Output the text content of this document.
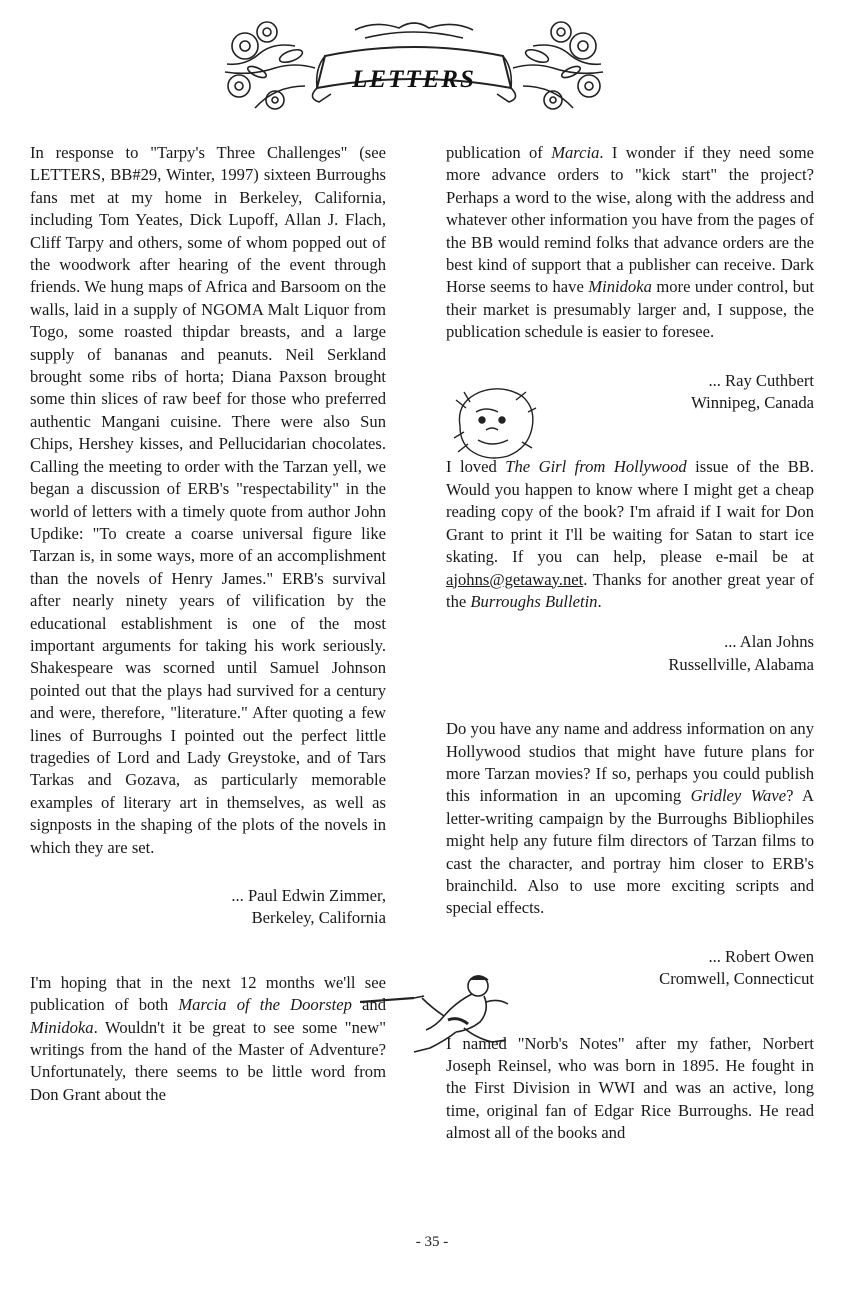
LETTERS

In response to "Tarpy's Three Challenges" (see LETTERS, BB#29, Winter, 1997) sixteen Burroughs fans met at my home in Berkeley, California, including Tom Yeates, Dick Lupoff, Allan J. Flach, Cliff Tarpy and others, some of whom popped out of the woodwork after hearing of the event through friends. We hung maps of Africa and Barsoom on the walls, laid in a supply of NGOMA Malt Liquor from Togo, some roasted thipdar breasts, and a large supply of bananas and peanuts. Neil Serkland brought some ribs of horta; Diana Paxson brought some thin slices of raw beef for those who preferred authentic Mangani cuisine. There were also Sun Chips, Hershey kisses, and Pellucidarian chocolates. Calling the meeting to order with the Tarzan yell, we began a discussion of ERB's "respectability" in the world of letters with a timely quote from author John Updike: "To create a coarse universal figure like Tarzan is, in some ways, more of an accomplishment than the novels of Henry James." ERB's survival after nearly ninety years of vilification by the educational establishment is one of the most important arguments for taking his work seriously. Shakespeare was scorned until Samuel Johnson pointed out that the plays had survived for a century and were, therefore, "literature." After quoting a few lines of Burroughs I pointed out the perfect little tragedies of Lord and Lady Greystoke, and of Tars Tarkas and Gozava, as particularly memorable examples of literary art in themselves, as well as signposts in the shaping of the plots of the novels in which they are set.

... Paul Edwin Zimmer,

Berkeley, California

I'm hoping that in the next 12 months we'll see publication of both Marcia of the Doorstep and Minidoka. Wouldn't it be great to see some "new" writings from the hand of the Master of Adventure? Unfortunately, there seems to be little word from Don Grant about the

publication of Marcia. I wonder if they need some more advance orders to "kick start" the project? Perhaps a word to the wise, along with the address and whatever other information you have from the pages of the BB would remind folks that advance orders are the best kind of support that a publisher can receive. Dark Horse seems to have Minidoka more under control, but their market is presumably larger and, I suppose, the publication schedule is easier to foresee.

... Ray Cuthbert

Winnipeg, Canada

I loved The Girl from Hollywood issue of the BB. Would you happen to know where I might get a cheap reading copy of the book? I'm afraid if I wait for Don Grant to print it I'll be waiting for Satan to start ice skating. If you can help, please e-mail be at ajohns@getaway.net. Thanks for another great year of the Burroughs Bulletin.

... Alan Johns

Russellville, Alabama

Do you have any name and address information on any Hollywood studios that might have future plans for more Tarzan movies? If so, perhaps you could publish this information in an upcoming Gridley Wave? A letter-writing campaign by the Burroughs Bibliophiles might help any future film directors of Tarzan films to cast the character, and portray him closer to ERB's brainchild. Also to use more exciting scripts and special effects.

... Robert Owen

Cromwell, Connecticut

I named "Norb's Notes" after my father, Norbert Joseph Reinsel, who was born in 1895. He fought in the First Division in WWI and was an active, long time, original fan of Edgar Rice Burroughs. He read almost all of the books and

- 35 -
